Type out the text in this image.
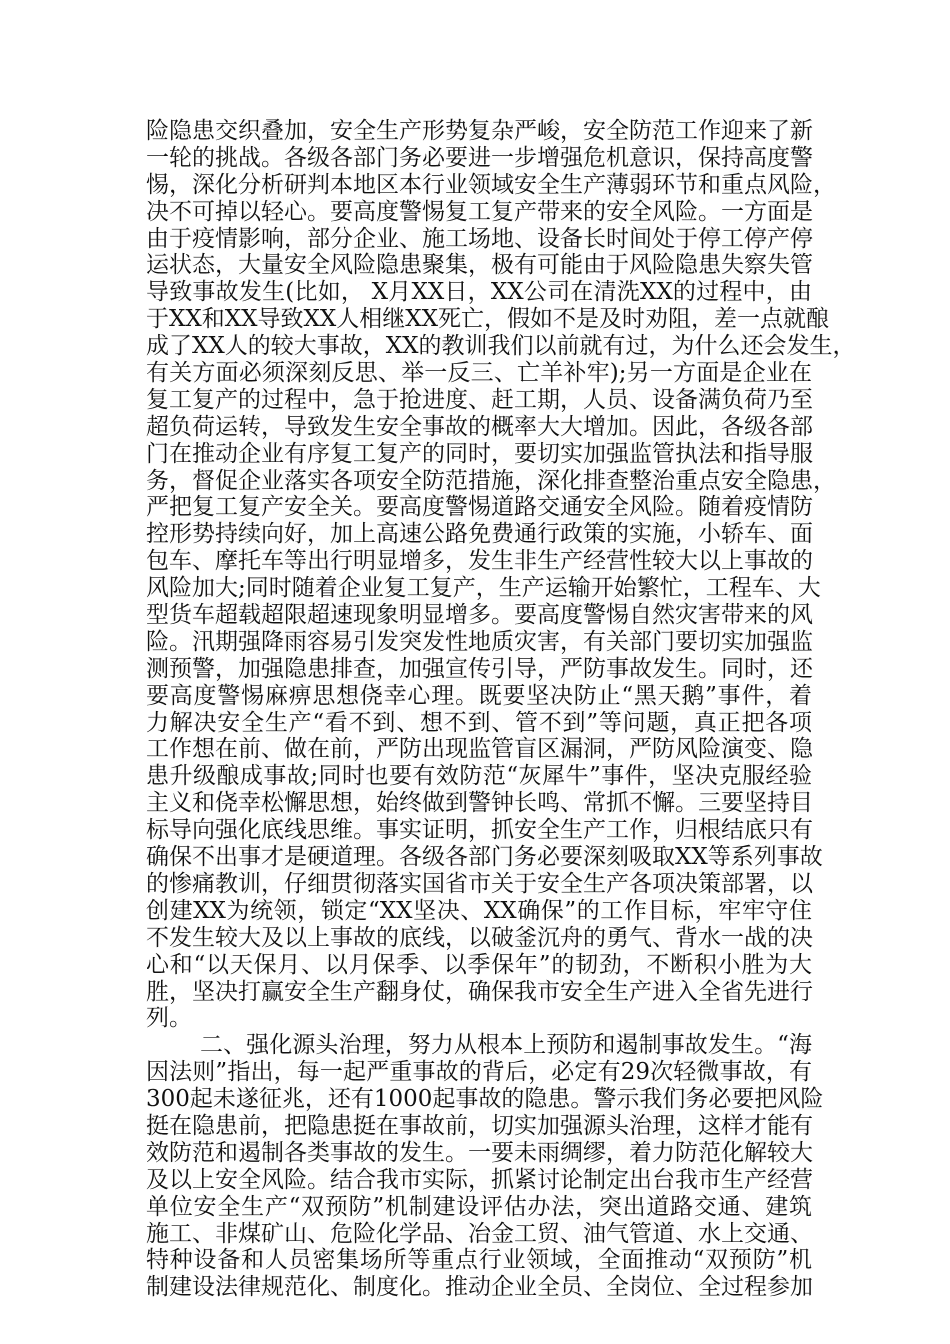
险隐患交织叠加，安全生产形势复杂严峻，安全防范工作迎来了新
一轮的挑战。各级各部门务必要进一步增强危机意识，保持高度警
惕，深化分析研判本地区本行业领域安全生产薄弱环节和重点风险，
决不可掉以轻心。要高度警惕复工复产带来的安全风险。一方面是
由于疫情影响，部分企业、施工场地、设备长时间处于停工停产停
运状态，大量安全风险隐患聚集，极有可能由于风险隐患失察失管
导致事故发生(比如， X月XX日，XX公司在清洗XX的过程中，由
于XX和XX导致XX人相继XX死亡，假如不是及时劝阻，差一点就酿
成了XX人的较大事故，XX的教训我们以前就有过，为什么还会发生，
有关方面必须深刻反思、举一反三、亡羊补牢);另一方面是企业在
复工复产的过程中，急于抢进度、赶工期，人员、设备满负荷乃至
超负荷运转，导致发生安全事故的概率大大增加。因此，各级各部
门在推动企业有序复工复产的同时，要切实加强监管执法和指导服
务，督促企业落实各项安全防范措施，深化排查整治重点安全隐患，
严把复工复产安全关。要高度警惕道路交通安全风险。随着疫情防
控形势持续向好，加上高速公路免费通行政策的实施，小轿车、面
包车、摩托车等出行明显增多，发生非生产经营性较大以上事故的
风险加大;同时随着企业复工复产，生产运输开始繁忙，工程车、大
型货车超载超限超速现象明显增多。要高度警惕自然灾害带来的风
险。汛期强降雨容易引发突发性地质灾害，有关部门要切实加强监
测预警，加强隐患排查，加强宣传引导，严防事故发生。同时，还
要高度警惕麻痹思想侥幸心理。既要坚决防止“黑天鹅”事件，着
力解决安全生产“看不到、想不到、管不到”等问题，真正把各项
工作想在前、做在前，严防出现监管盲区漏洞，严防风险演变、隐
患升级酿成事故;同时也要有效防范“灰犀牛”事件，坚决克服经验
主义和侥幸松懈思想，始终做到警钟长鸣、常抓不懈。三要坚持目
标导向强化底线思维。事实证明，抓安全生产工作，归根结底只有
确保不出事才是硬道理。各级各部门务必要深刻吸取XX等系列事故
的惨痛教训，仔细贯彻落实国省市关于安全生产各项决策部署，以
创建XX为统领，锁定“XX坚决、XX确保”的工作目标，牢牢守住
不发生较大及以上事故的底线，以破釜沉舟的勇气、背水一战的决
心和“以天保月、以月保季、以季保年”的韧劲，不断积小胜为大
胜，坚决打赢安全生产翻身仗，确保我市安全生产进入全省先进行
列。
二、强化源头治理，努力从根本上预防和遏制事故发生。“海
因法则”指出，每一起严重事故的背后，必定有29次轻微事故，有
300起未遂征兆，还有1000起事故的隐患。警示我们务必要把风险
挺在隐患前，把隐患挺在事故前，切实加强源头治理，这样才能有
效防范和遏制各类事故的发生。一要未雨绸缪，着力防范化解较大
及以上安全风险。结合我市实际，抓紧讨论制定出台我市生产经营
单位安全生产“双预防”机制建设评估办法，突出道路交通、建筑
施工、非煤矿山、危险化学品、冶金工贸、油气管道、水上交通、
特种设备和人员密集场所等重点行业领域，全面推动“双预防”机
制建设法律规范化、制度化。推动企业全员、全岗位、全过程参加
